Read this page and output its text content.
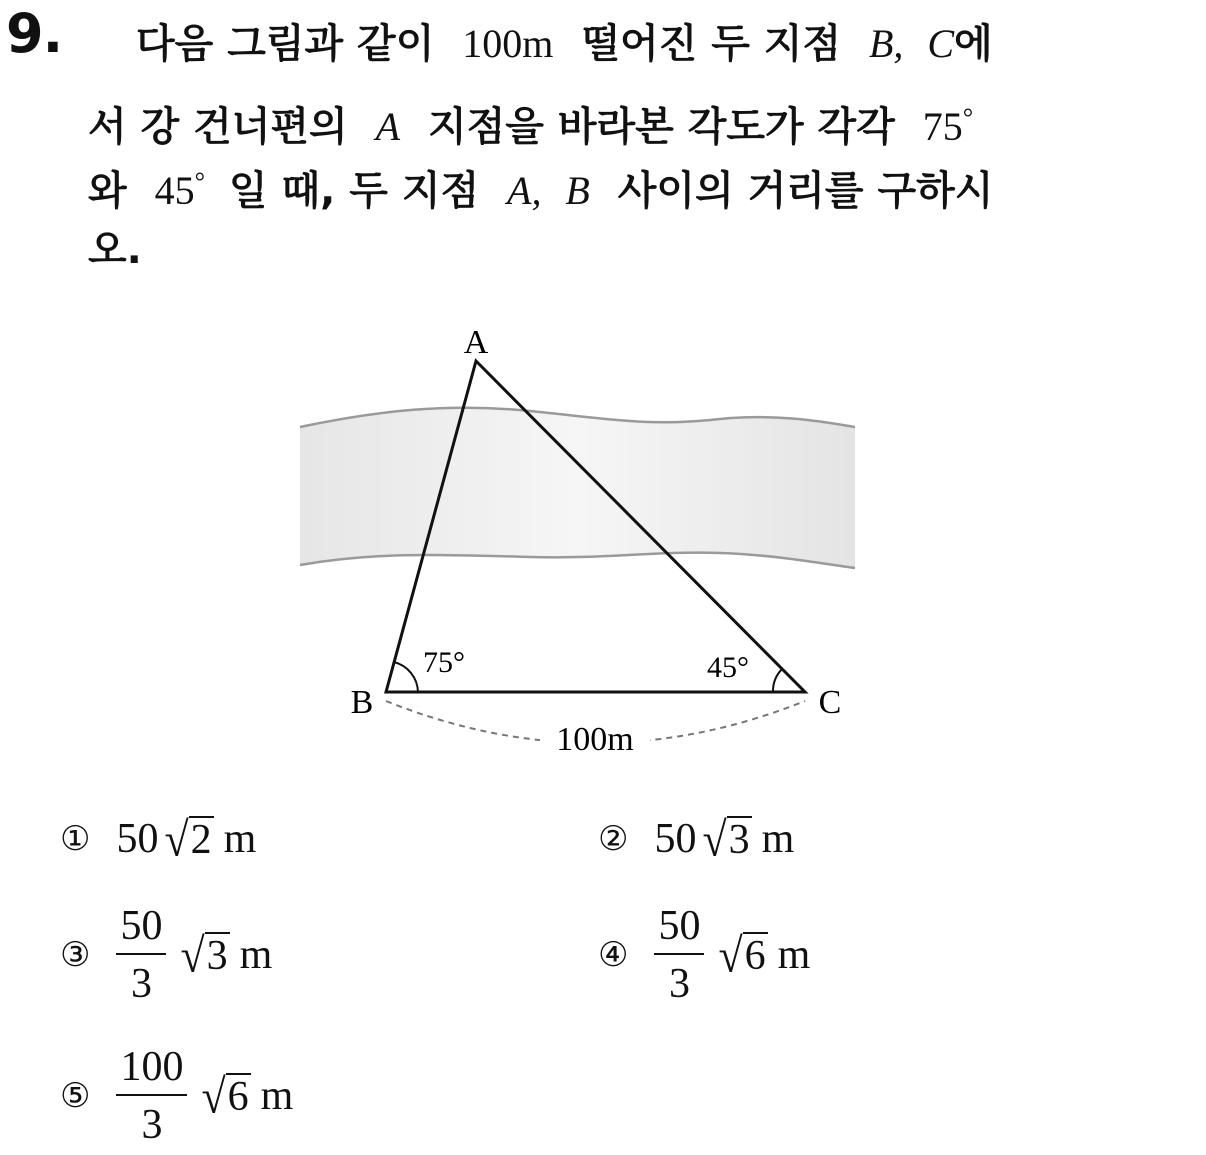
9.	다음 그림과 같이 100m 떨어진 두 지점 B, C에
서 강 건너편의 A 지점을 바라본 각도가 각각 75°
와 45° 일 때, 두 지점 A, B 사이의 거리를 구하시
오.
A
B	C
75°	45°
100m
① 50 √ 2 m	② 50 √ 3 m
③ $\frac{50}{3}$ √ 3 m	④ $\frac{50}{3}$ √ 6 m
⑤ $\frac{100}{3}$ √ 6 m
